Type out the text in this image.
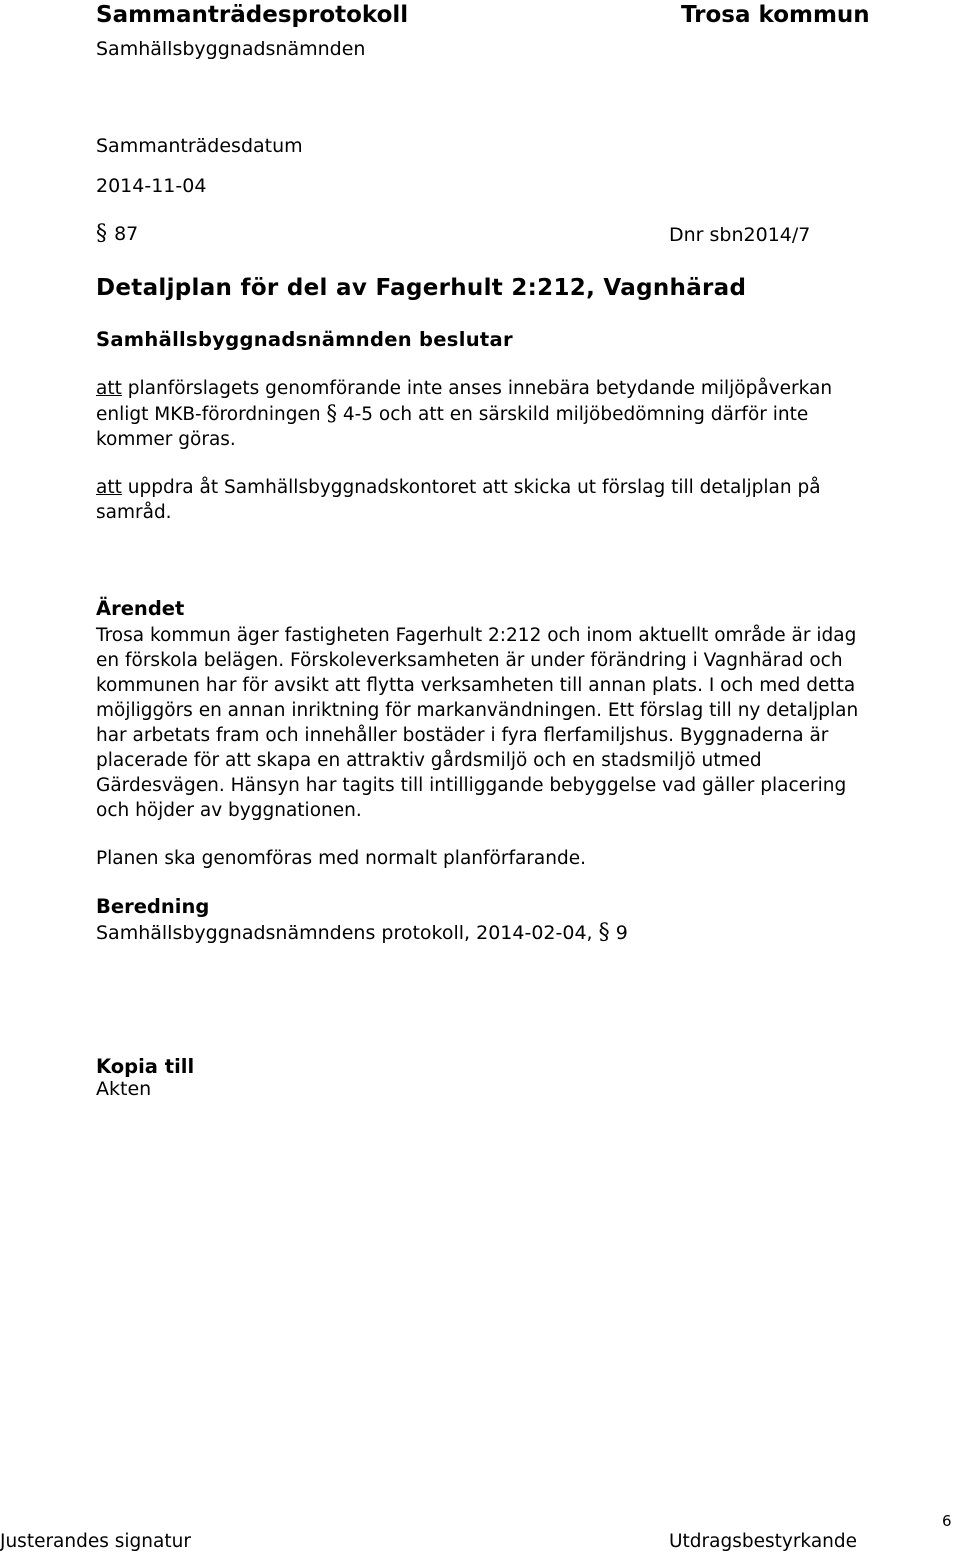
Sammanträdesprotokoll	Trosa kommun
Samhällsbyggnadsnämnden
Sammanträdesdatum
2014-11-04
§ 87	Dnr sbn2014/7
Detaljplan för del av Fagerhult 2:212, Vagnhärad
Samhällsbyggnadsnämnden beslutar
att planförslagets genomförande inte anses innebära betydande miljöpåverkan
enligt MKB-förordningen § 4-5 och att en särskild miljöbedömning därför inte
kommer göras.
att uppdra åt Samhällsbyggnadskontoret att skicka ut förslag till detaljplan på
samråd.
Ärendet
Trosa kommun äger fastigheten Fagerhult 2:212 och inom aktuellt område är idag
en förskola belägen. Förskoleverksamheten är under förändring i Vagnhärad och
kommunen har för avsikt att flytta verksamheten till annan plats. I och med detta
möjliggörs en annan inriktning för markanvändningen. Ett förslag till ny detaljplan
har arbetats fram och innehåller bostäder i fyra flerfamiljshus. Byggnaderna är
placerade för att skapa en attraktiv gårdsmiljö och en stadsmiljö utmed
Gärdesvägen. Hänsyn har tagits till intilliggande bebyggelse vad gäller placering
och höjder av byggnationen.
Planen ska genomföras med normalt planförfarande.
Beredning
Samhällsbyggnadsnämndens protokoll, 2014-02-04, § 9
Kopia till
Akten
Justerandes signatur	Utdragsbestyrkande
6
